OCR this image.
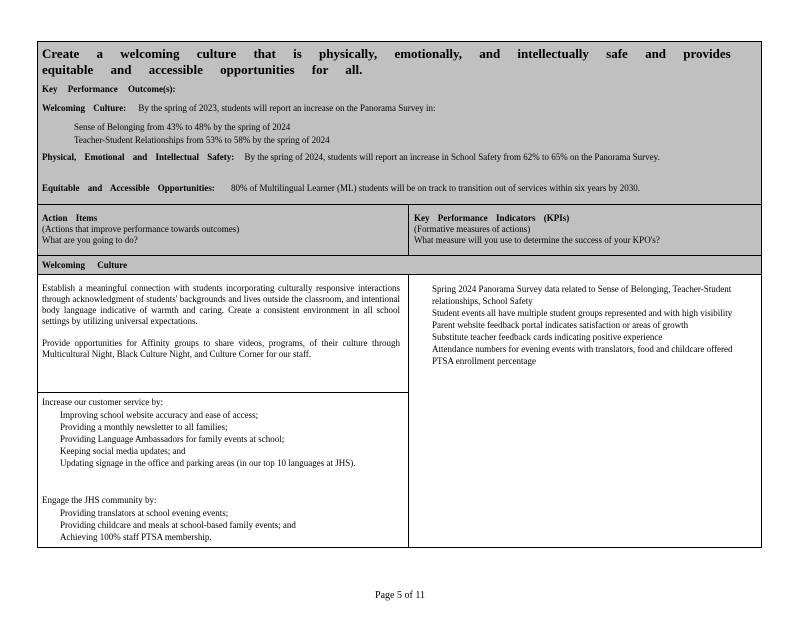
Create a welcoming culture that is physically, emotionally, and intellectually safe and provides equitable and accessible opportunities for all.
Key Performance Outcome(s):
Welcoming Culture: By the spring of 2023, students will report an increase on the Panorama Survey in:
Sense of Belonging from 43% to 48% by the spring of 2024
Teacher-Student Relationships from 53% to 58% by the spring of 2024
Physical, Emotional and Intellectual Safety: By the spring of 2024, students will report an increase in School Safety from 62% to 65% on the Panorama Survey.
Equitable and Accessible Opportunities: 80% of Multilingual Learner (ML) students will be on track to transition out of services within six years by 2030.
Action Items
(Actions that improve performance towards outcomes)
What are you going to do?
Key Performance Indicators (KPIs)
(Formative measures of actions)
What measure will you use to determine the success of your KPO's?
Welcoming Culture
Establish a meaningful connection with students incorporating culturally responsive interactions through acknowledgment of students' backgrounds and lives outside the classroom, and intentional body language indicative of warmth and caring. Create a consistent environment in all school settings by utilizing universal expectations.
Provide opportunities for Affinity groups to share videos, programs, of their culture through Multicultural Night, Black Culture Night, and Culture Corner for our staff.
Increase our customer service by:
Improving school website accuracy and ease of access;
Providing a monthly newsletter to all families;
Providing Language Ambassadors for family events at school;
Keeping social media updates; and
Updating signage in the office and parking areas (in our top 10 languages at JHS).
Engage the JHS community by:
Providing translators at school evening events;
Providing childcare and meals at school-based family events; and
Achieving 100% staff PTSA membership.
Spring 2024 Panorama Survey data related to Sense of Belonging, Teacher-Student relationships, School Safety
Student events all have multiple student groups represented and with high visibility
Parent website feedback portal indicates satisfaction or areas of growth
Substitute teacher feedback cards indicating positive experience
Attendance numbers for evening events with translators, food and childcare offered
PTSA enrollment percentage
Page 5 of 11
